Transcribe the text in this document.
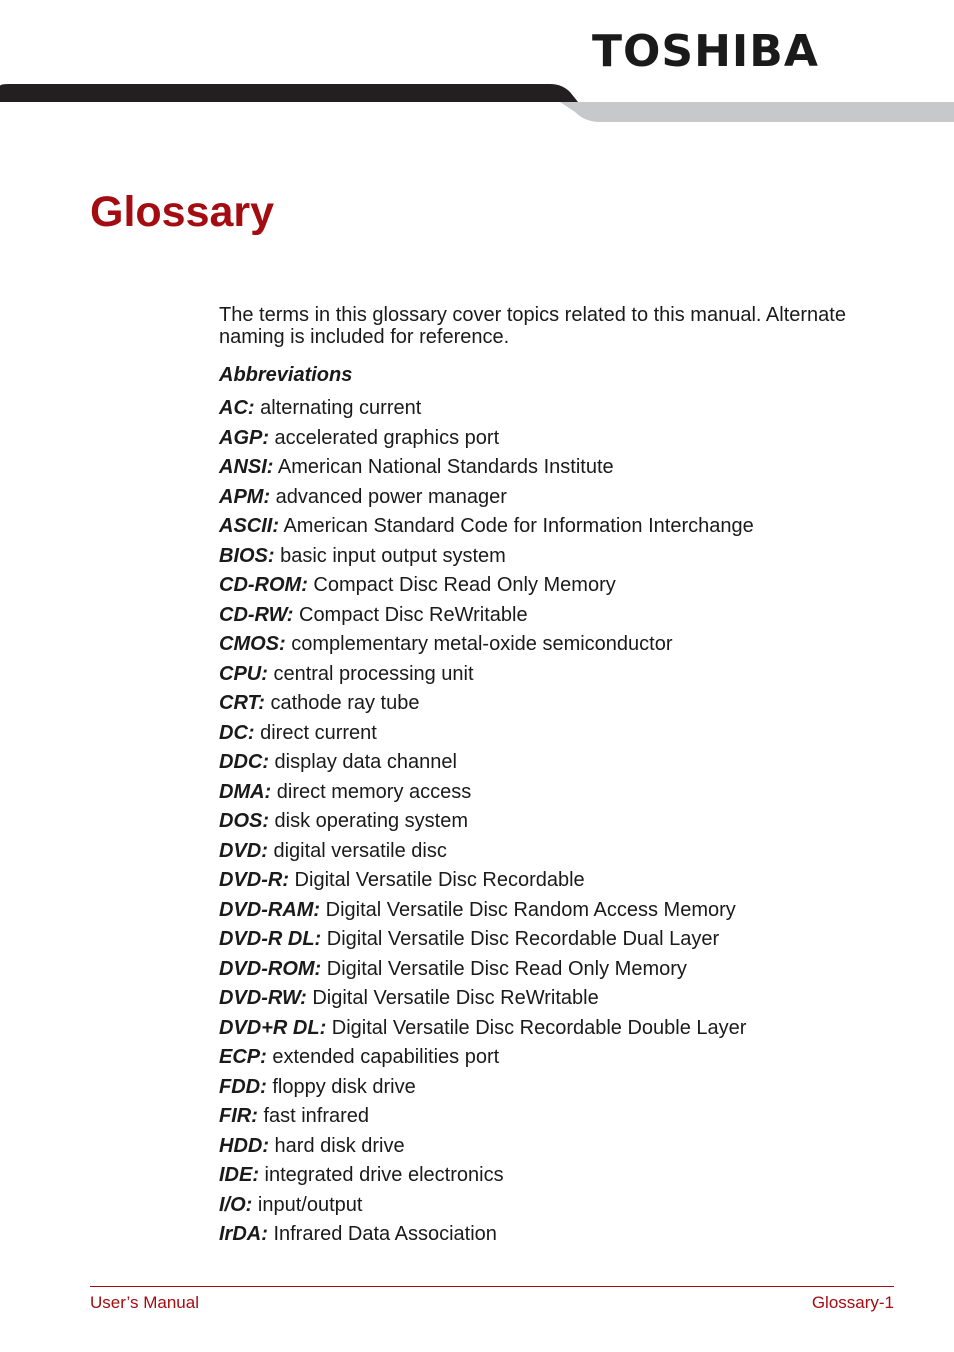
TOSHIBA
Glossary

The terms in this glossary cover topics related to this manual. Alternate naming is included for reference.

Abbreviations
AC: alternating current
AGP: accelerated graphics port
ANSI: American National Standards Institute
APM: advanced power manager
ASCII: American Standard Code for Information Interchange
BIOS: basic input output system
CD-ROM: Compact Disc Read Only Memory
CD-RW: Compact Disc ReWritable
CMOS: complementary metal-oxide semiconductor
CPU: central processing unit
CRT: cathode ray tube
DC: direct current
DDC: display data channel
DMA: direct memory access
DOS: disk operating system
DVD: digital versatile disc
DVD-R: Digital Versatile Disc Recordable
DVD-RAM: Digital Versatile Disc Random Access Memory
DVD-R DL: Digital Versatile Disc Recordable Dual Layer
DVD-ROM: Digital Versatile Disc Read Only Memory
DVD-RW: Digital Versatile Disc ReWritable
DVD+R DL: Digital Versatile Disc Recordable Double Layer
ECP: extended capabilities port
FDD: floppy disk drive
FIR: fast infrared
HDD: hard disk drive
IDE: integrated drive electronics
I/O: input/output
IrDA: Infrared Data Association
User’s Manual	Glossary-1
